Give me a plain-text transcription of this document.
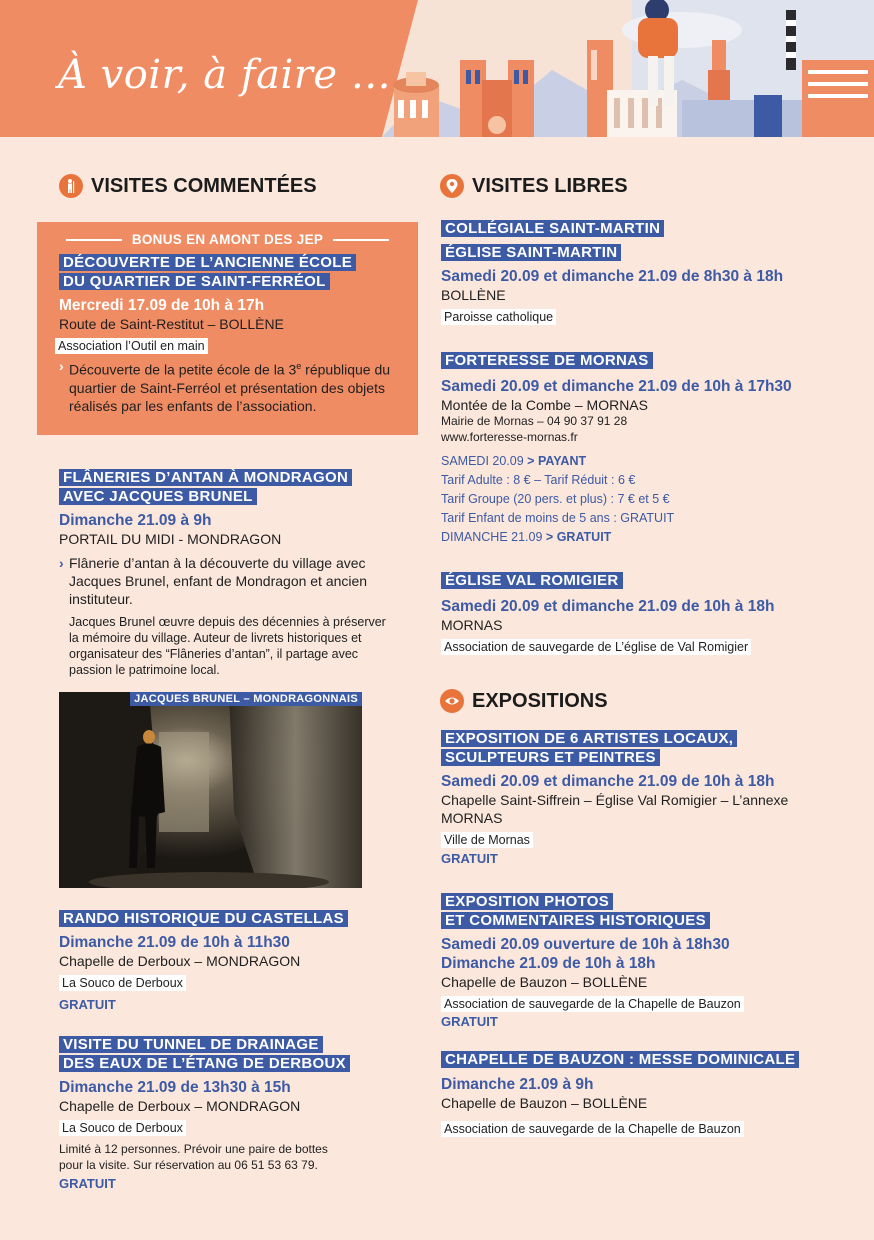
À voir, à faire …
VISITES COMMENTÉES
BONUS EN AMONT DES JEP
DÉCOUVERTE DE L’ANCIENNE ÉCOLE
DU QUARTIER DE SAINT-FERRÉOL
Mercredi 17.09 de 10h à 17h
Route de Saint-Restitut – BOLLÈNE
Association l’Outil en main
› Découverte de la petite école de la 3e république du quartier de Saint-Ferréol et présentation des objets réalisés par les enfants de l’association.
FLÂNERIES D’ANTAN À MONDRAGON
AVEC JACQUES BRUNEL
Dimanche 21.09 à 9h
PORTAIL DU MIDI - MONDRAGON
› Flânerie d’antan à la découverte du village avec Jacques Brunel, enfant de Mondragon et ancien instituteur.
Jacques Brunel œuvre depuis des décennies à préserver la mémoire du village. Auteur de livrets historiques et organisateur des “Flâneries d’antan”, il partage avec passion le patrimoine local.
JACQUES BRUNEL – MONDRAGONNAIS
RANDO HISTORIQUE DU CASTELLAS
Dimanche 21.09 de 10h à 11h30
Chapelle de Derboux – MONDRAGON
La Souco de Derboux
GRATUIT
VISITE DU TUNNEL DE DRAINAGE
DES EAUX DE L’ÉTANG DE DERBOUX
Dimanche 21.09 de 13h30 à 15h
Chapelle de Derboux – MONDRAGON
La Souco de Derboux
Limité à 12 personnes. Prévoir une paire de bottes pour la visite. Sur réservation au 06 51 53 63 79.
GRATUIT
VISITES LIBRES
COLLÉGIALE SAINT-MARTIN
ÉGLISE SAINT-MARTIN
Samedi 20.09 et dimanche 21.09 de 8h30 à 18h
BOLLÈNE
Paroisse catholique
FORTERESSE DE MORNAS
Samedi 20.09 et dimanche 21.09 de 10h à 17h30
Montée de la Combe – MORNAS
Mairie de Mornas – 04 90 37 91 28
www.forteresse-mornas.fr
SAMEDI 20.09 > PAYANT
Tarif Adulte : 8 € – Tarif Réduit : 6 €
Tarif Groupe (20 pers. et plus) : 7 € et 5 €
Tarif Enfant de moins de 5 ans : GRATUIT
DIMANCHE 21.09 > GRATUIT
ÉGLISE VAL ROMIGIER
Samedi 20.09 et dimanche 21.09 de 10h à 18h
MORNAS
Association de sauvegarde de L’église de Val Romigier
EXPOSITIONS
EXPOSITION DE 6 ARTISTES LOCAUX,
SCULPTEURS ET PEINTRES
Samedi 20.09 et dimanche 21.09 de 10h à 18h
Chapelle Saint-Siffrein – Église Val Romigier – L’annexe MORNAS
Ville de Mornas
GRATUIT
EXPOSITION PHOTOS
ET COMMENTAIRES HISTORIQUES
Samedi 20.09 ouverture de 10h à 18h30
Dimanche 21.09 de 10h à 18h
Chapelle de Bauzon – BOLLÈNE
Association de sauvegarde de la Chapelle de Bauzon
GRATUIT
CHAPELLE DE BAUZON : MESSE DOMINICALE
Dimanche 21.09 à 9h
Chapelle de Bauzon – BOLLÈNE
Association de sauvegarde de la Chapelle de Bauzon
